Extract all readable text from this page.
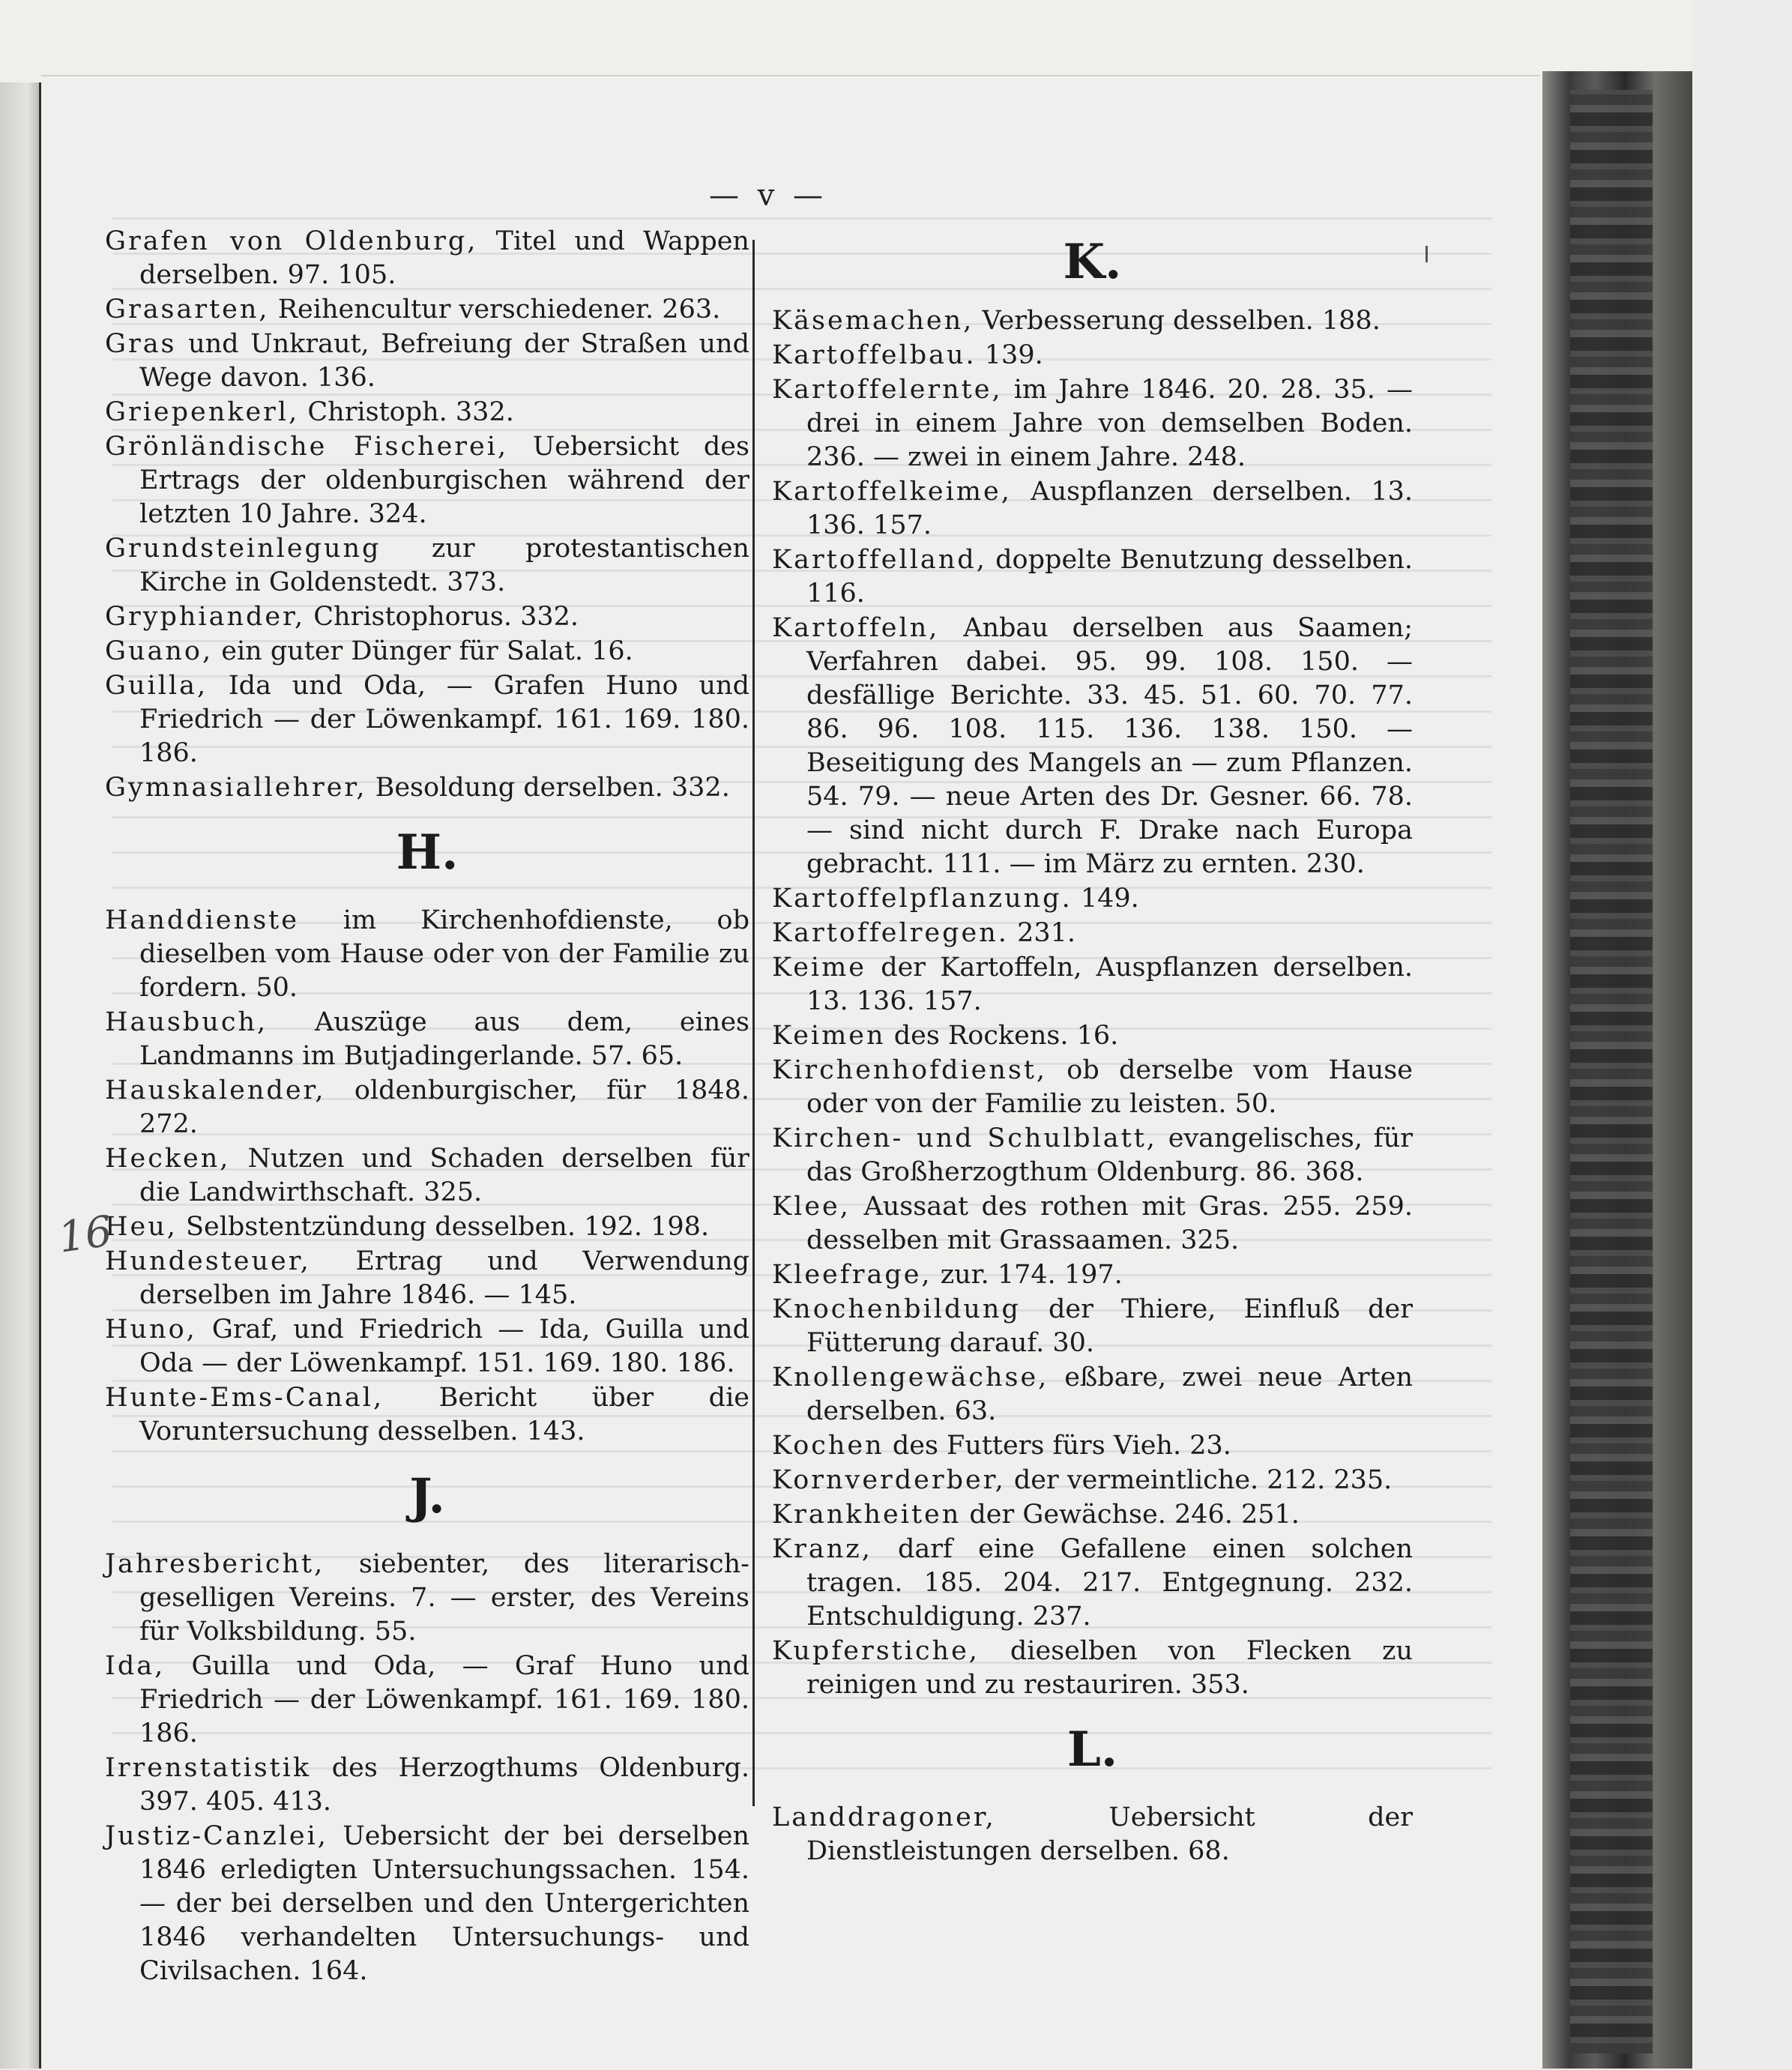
— v —

Grafen von Oldenburg, Titel und Wappen derselben. 97. 105.

Grasarten, Reihencultur verschiedener. 263.

Gras und Unkraut, Befreiung der Straßen und Wege davon. 136.

Griepenkerl, Christoph. 332.

Grönländische Fischerei, Uebersicht des Ertrags der oldenburgischen während der letzten 10 Jahre. 324.

Grundsteinlegung zur protestantischen Kirche in Goldenstedt. 373.

Gryphiander, Christophorus. 332.

Guano, ein guter Dünger für Salat. 16.

Guilla, Ida und Oda, — Grafen Huno und Friedrich — der Löwenkampf. 161. 169. 180. 186.

Gymnasiallehrer, Besoldung derselben. 332.

H.

Handdienste im Kirchenhofdienste, ob dieselben vom Hause oder von der Familie zu fordern. 50.

Hausbuch, Auszüge aus dem, eines Landmanns im Butjadingerlande. 57. 65.

Hauskalender, oldenburgischer, für 1848. 272.

Hecken, Nutzen und Schaden derselben für die Landwirthschaft. 325.

Heu, Selbstentzündung desselben. 192. 198.

Hundesteuer, Ertrag und Verwendung derselben im Jahre 1846. — 145.

Huno, Graf, und Friedrich — Ida, Guilla und Oda — der Löwenkampf. 151. 169. 180. 186.

Hunte-Ems-Canal, Bericht über die Voruntersuchung desselben. 143.

J.

Jahresbericht, siebenter, des literarisch-geselligen Vereins. 7. — erster, des Vereins für Volksbildung. 55.

Ida, Guilla und Oda, — Graf Huno und Friedrich — der Löwenkampf. 161. 169. 180. 186.

Irrenstatistik des Herzogthums Oldenburg. 397. 405. 413.

Justiz-Canzlei, Uebersicht der bei derselben 1846 erledigten Untersuchungssachen. 154. — der bei derselben und den Untergerichten 1846 verhandelten Untersuchungs- und Civilsachen. 164.

K.

Käsemachen, Verbesserung desselben. 188.

Kartoffelbau. 139.

Kartoffelernte, im Jahre 1846. 20. 28. 35. — drei in einem Jahre von demselben Boden. 236. — zwei in einem Jahre. 248.

Kartoffelkeime, Auspflanzen derselben. 13. 136. 157.

Kartoffelland, doppelte Benutzung desselben. 116.

Kartoffeln, Anbau derselben aus Saamen; Verfahren dabei. 95. 99. 108. 150. — desfällige Berichte. 33. 45. 51. 60. 70. 77. 86. 96. 108. 115. 136. 138. 150. — Beseitigung des Mangels an — zum Pflanzen. 54. 79. — neue Arten des Dr. Gesner. 66. 78. — sind nicht durch F. Drake nach Europa gebracht. 111. — im März zu ernten. 230.

Kartoffelpflanzung. 149.

Kartoffelregen. 231.

Keime der Kartoffeln, Auspflanzen derselben. 13. 136. 157.

Keimen des Rockens. 16.

Kirchenhofdienst, ob derselbe vom Hause oder von der Familie zu leisten. 50.

Kirchen- und Schulblatt, evangelisches, für das Großherzogthum Oldenburg. 86. 368.

Klee, Aussaat des rothen mit Gras. 255. 259. desselben mit Grassaamen. 325.

Kleefrage, zur. 174. 197.

Knochenbildung der Thiere, Einfluß der Fütterung darauf. 30.

Knollengewächse, eßbare, zwei neue Arten derselben. 63.

Kochen des Futters fürs Vieh. 23.

Kornverderber, der vermeintliche. 212. 235.

Krankheiten der Gewächse. 246. 251.

Kranz, darf eine Gefallene einen solchen tragen. 185. 204. 217. Entgegnung. 232. Entschuldigung. 237.

Kupferstiche, dieselben von Flecken zu reinigen und zu restauriren. 353.

L.

Landdragoner,	Uebersicht der Dienstleistungen derselben. 68.

16
